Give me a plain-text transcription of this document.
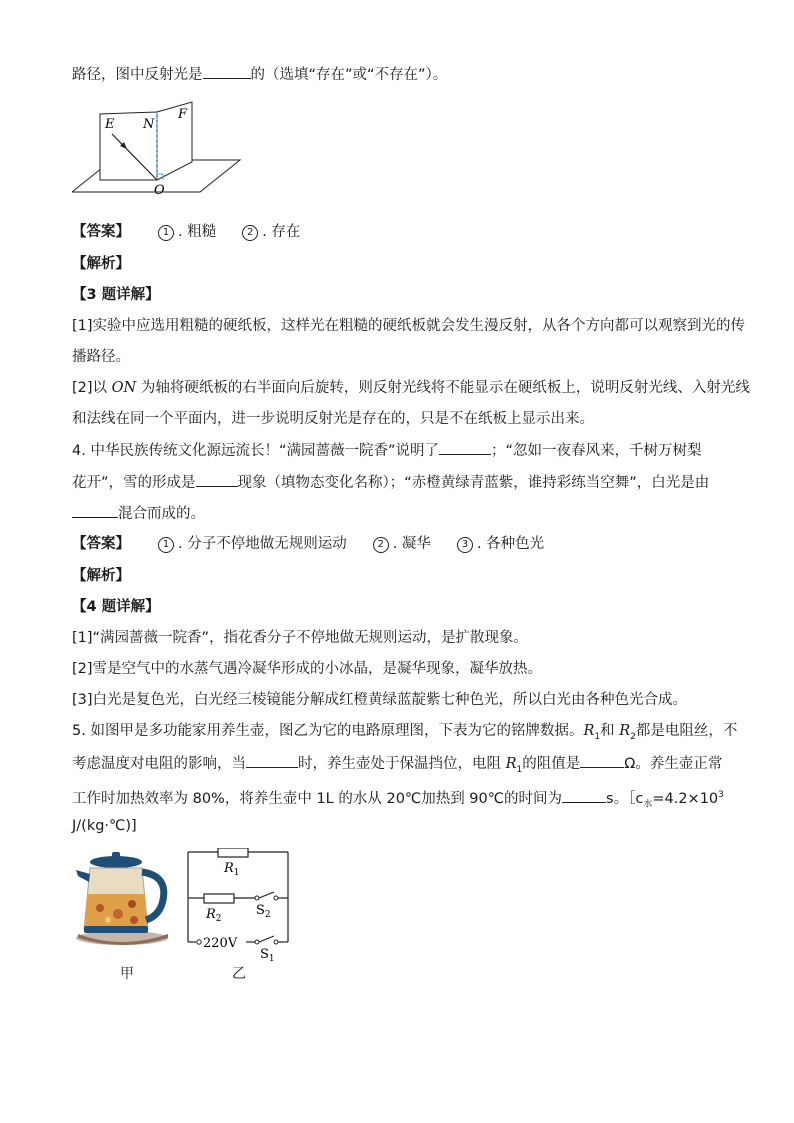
路径，图中反射光是	的（选填“存在”或“不存在”）。
E N
F
O
【答案】	1 . 粗糙	2 . 存在
【解析】
【3 题详解】
[1]实验中应选用粗糙的硬纸板，这样光在粗糙的硬纸板就会发生漫反射，从各个方向都可以观察到光的传
播路径。
[2]以 ON 为轴将硬纸板的右半面向后旋转，则反射光线将不能显示在硬纸板上，说明反射光线、入射光线
和法线在同一个平面内，进一步说明反射光是存在的，只是不在纸板上显示出来。
4. 中华民族传统文化源远流长！“满园蔷薇一院香”说明了	；“忽如一夜春风来，千树万树梨
花开”，雪的形成是	现象（填物态变化名称）；“赤橙黄绿青蓝紫，谁持彩练当空舞”，白光是由
混合而成的。
【答案】	1 . 分子不停地做无规则运动	2 . 凝华	3 . 各种色光
【解析】
【4 题详解】
[1]“满园蔷薇一院香”，指花香分子不停地做无规则运动，是扩散现象。
[2]雪是空气中的水蒸气遇冷凝华形成的小冰晶，是凝华现象，凝华放热。
[3]白光是复色光，白光经三棱镜能分解成红橙黄绿蓝靛紫七种色光，所以白光由各种色光合成。
5. 如图甲是多功能家用养生壶，图乙为它的电路原理图，下表为它的铭牌数据。$R_1$和 $R_2$都是电阻丝，不
考虑温度对电阻的影响，当	时，养生壶处于保温挡位，电阻 $R_1$的阻值是	Ω。养生壶正常
工作时加热效率为 80%，将养生壶中 1L 的水从 20℃加热到 90℃的时间为	s。$[c_水=4.2\times 10^3$
J/(kg·℃)]
甲
$R_1$
$R_2$
$S_2$
220V
$S_1$
乙
